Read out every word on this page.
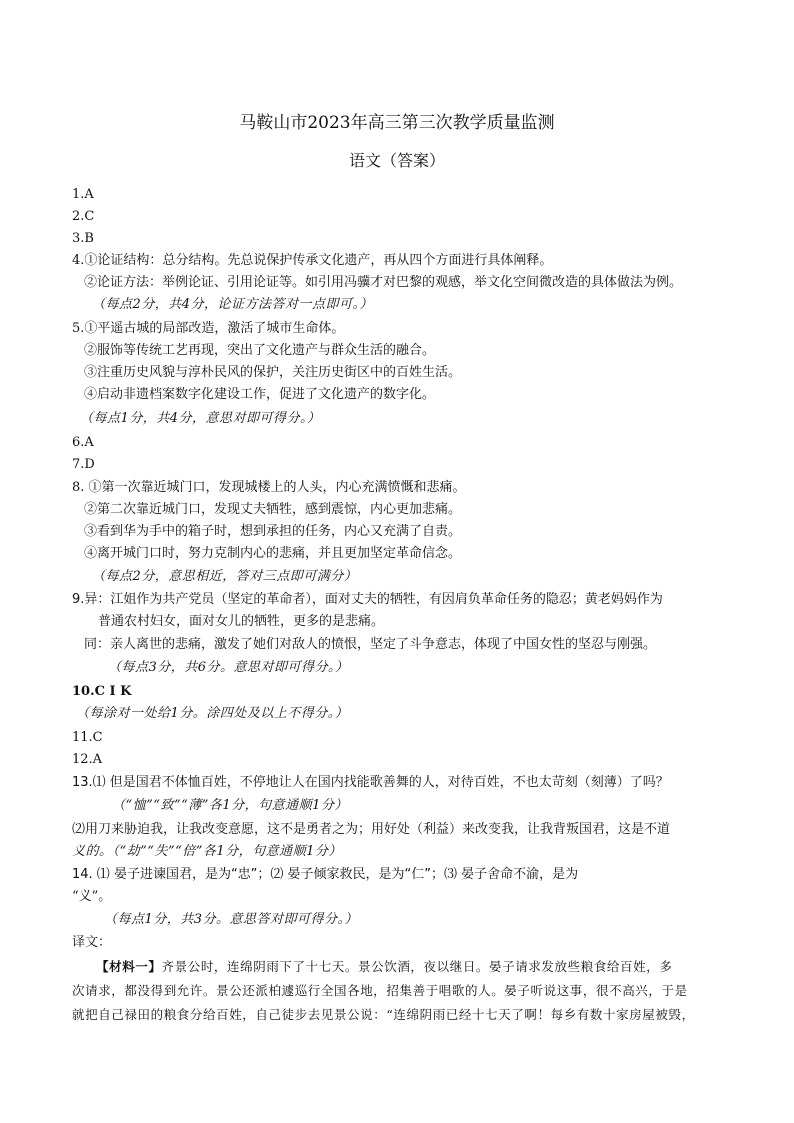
马鞍山市2023年高三第三次教学质量监测
语文（答案）
1.A
2.C
3.B
4.①论证结构：总分结构。先总说保护传承文化遗产，再从四个方面进行具体阐释。
②论证方法：举例论证、引用论证等。如引用冯骥才对巴黎的观感，举文化空间微改造的具体做法为例。
（每点2分，共4分，论证方法答对一点即可。）
5.①平遥古城的局部改造，激活了城市生命体。
②服饰等传统工艺再现，突出了文化遗产与群众生活的融合。
③注重历史风貌与淳朴民风的保护，关注历史街区中的百姓生活。
④启动非遗档案数字化建设工作，促进了文化遗产的数字化。
（每点1分，共4分，意思对即可得分。）
6.A
7.D
8. ①第一次靠近城门口，发现城楼上的人头，内心充满愤慨和悲痛。
②第二次靠近城门口，发现丈夫牺牲，感到震惊，内心更加悲痛。
③看到华为手中的箱子时，想到承担的任务，内心又充满了自责。
④离开城门口时，努力克制内心的悲痛，并且更加坚定革命信念。
（每点2分，意思相近，答对三点即可满分）
9.异：江姐作为共产党员（坚定的革命者），面对丈夫的牺牲，有因肩负革命任务的隐忍；黄老妈妈作为
普通农村妇女，面对女儿的牺牲，更多的是悲痛。
同：亲人离世的悲痛，激发了她们对敌人的愤恨，坚定了斗争意志，体现了中国女性的坚忍与刚强。
（每点3分，共6分。意思对即可得分。）
10.C I K
（每涂对一处给1分。涂四处及以上不得分。）
11.C
12.A
13.⑴ 但是国君不体恤百姓，不停地让人在国内找能歌善舞的人，对待百姓，不也太苛刻（刻薄）了吗？
（“恤”“致”“薄”各1分，句意通顺1分）
⑵用刀来胁迫我，让我改变意愿，这不是勇者之为；用好处（利益）来改变我，让我背叛国君，这是不道
义的。（“劫”“失”“倍”各1分，句意通顺1分）
14. ⑴ 晏子进谏国君，是为“忠”；⑵ 晏子倾家救民，是为“仁”；⑶ 晏子舍命不渝，是为
“义”。
（每点1分，共3分。意思答对即可得分。）
译文：
【材料一】齐景公时，连绵阴雨下了十七天。景公饮酒，夜以继日。晏子请求发放些粮食给百姓，多
次请求，都没得到允许。景公还派柏遽巡行全国各地，招集善于唱歌的人。晏子听说这事，很不高兴，于是
就把自己禄田的粮食分给百姓，自己徒步去见景公说：“连绵阴雨已经十七天了啊！每乡有数十家房屋被毁，
